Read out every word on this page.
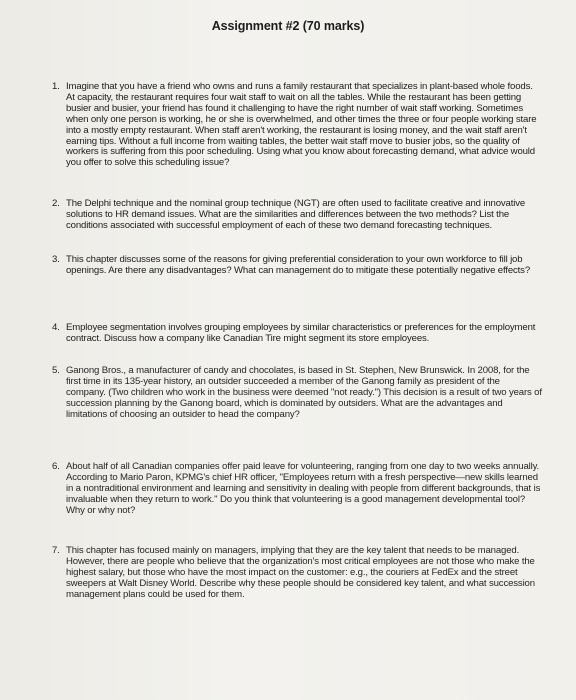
Assignment #2 (70 marks)
1. Imagine that you have a friend who owns and runs a family restaurant that specializes in plant-based whole foods. At capacity, the restaurant requires four wait staff to wait on all the tables. While the restaurant has been getting busier and busier, your friend has found it challenging to have the right number of wait staff working. Sometimes when only one person is working, he or she is overwhelmed, and other times the three or four people working stare into a mostly empty restaurant. When staff aren't working, the restaurant is losing money, and the wait staff aren't earning tips. Without a full income from waiting tables, the better wait staff move to busier jobs, so the quality of workers is suffering from this poor scheduling. Using what you know about forecasting demand, what advice would you offer to solve this scheduling issue?
2. The Delphi technique and the nominal group technique (NGT) are often used to facilitate creative and innovative solutions to HR demand issues. What are the similarities and differences between the two methods? List the conditions associated with successful employment of each of these two demand forecasting techniques.
3. This chapter discusses some of the reasons for giving preferential consideration to your own workforce to fill job openings. Are there any disadvantages? What can management do to mitigate these potentially negative effects?
4. Employee segmentation involves grouping employees by similar characteristics or preferences for the employment contract. Discuss how a company like Canadian Tire might segment its store employees.
5. Ganong Bros., a manufacturer of candy and chocolates, is based in St. Stephen, New Brunswick. In 2008, for the first time in its 135-year history, an outsider succeeded a member of the Ganong family as president of the company. (Two children who work in the business were deemed "not ready.") This decision is a result of two years of succession planning by the Ganong board, which is dominated by outsiders. What are the advantages and limitations of choosing an outsider to head the company?
6. About half of all Canadian companies offer paid leave for volunteering, ranging from one day to two weeks annually. According to Mario Paron, KPMG's chief HR officer, "Employees return with a fresh perspective—new skills learned in a nontraditional environment and learning and sensitivity in dealing with people from different backgrounds, that is invaluable when they return to work." Do you think that volunteering is a good management developmental tool? Why or why not?
7. This chapter has focused mainly on managers, implying that they are the key talent that needs to be managed. However, there are people who believe that the organization's most critical employees are not those who make the highest salary, but those who have the most impact on the customer: e.g., the couriers at FedEx and the street sweepers at Walt Disney World. Describe why these people should be considered key talent, and what succession management plans could be used for them.
